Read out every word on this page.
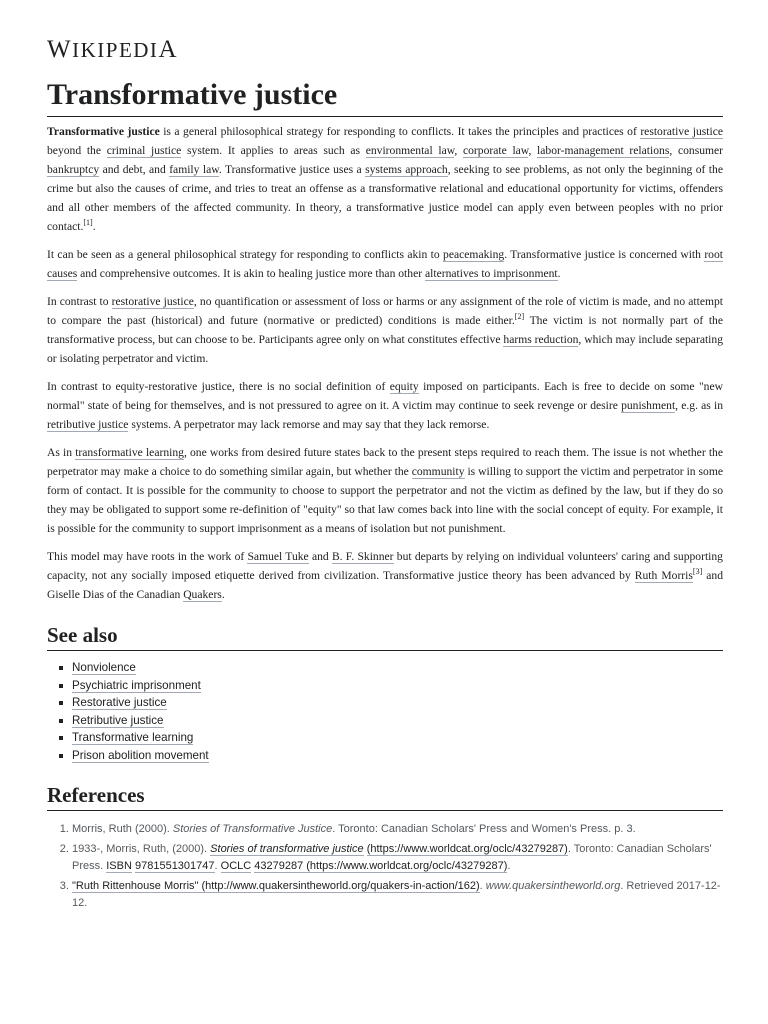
WIKIPEDIA
Transformative justice

Transformative justice is a general philosophical strategy for responding to conflicts. It takes the principles and practices of restorative justice beyond the criminal justice system. It applies to areas such as environmental law, corporate law, labor-management relations, consumer bankruptcy and debt, and family law. Transformative justice uses a systems approach, seeking to see problems, as not only the beginning of the crime but also the causes of crime, and tries to treat an offense as a transformative relational and educational opportunity for victims, offenders and all other members of the affected community. In theory, a transformative justice model can apply even between peoples with no prior contact.[1].

It can be seen as a general philosophical strategy for responding to conflicts akin to peacemaking. Transformative justice is concerned with root causes and comprehensive outcomes. It is akin to healing justice more than other alternatives to imprisonment.

In contrast to restorative justice, no quantification or assessment of loss or harms or any assignment of the role of victim is made, and no attempt to compare the past (historical) and future (normative or predicted) conditions is made either.[2] The victim is not normally part of the transformative process, but can choose to be. Participants agree only on what constitutes effective harms reduction, which may include separating or isolating perpetrator and victim.

In contrast to equity-restorative justice, there is no social definition of equity imposed on participants. Each is free to decide on some "new normal" state of being for themselves, and is not pressured to agree on it. A victim may continue to seek revenge or desire punishment, e.g. as in retributive justice systems. A perpetrator may lack remorse and may say that they lack remorse.

As in transformative learning, one works from desired future states back to the present steps required to reach them. The issue is not whether the perpetrator may make a choice to do something similar again, but whether the community is willing to support the victim and perpetrator in some form of contact. It is possible for the community to choose to support the perpetrator and not the victim as defined by the law, but if they do so they may be obligated to support some re-definition of "equity" so that law comes back into line with the social concept of equity. For example, it is possible for the community to support imprisonment as a means of isolation but not punishment.

This model may have roots in the work of Samuel Tuke and B. F. Skinner but departs by relying on individual volunteers' caring and supporting capacity, not any socially imposed etiquette derived from civilization. Transformative justice theory has been advanced by Ruth Morris[3] and Giselle Dias of the Canadian Quakers.

See also
Nonviolence
Psychiatric imprisonment
Restorative justice
Retributive justice
Transformative learning
Prison abolition movement
References
1. Morris, Ruth (2000). Stories of Transformative Justice. Toronto: Canadian Scholars' Press and Women's Press. p. 3.
2. 1933-, Morris, Ruth, (2000). Stories of transformative justice (https://www.worldcat.org/oclc/43279287). Toronto: Canadian Scholars' Press. ISBN 9781551301747. OCLC 43279287 (https://www.worldcat.org/oclc/43279287).
3. "Ruth Rittenhouse Morris" (http://www.quakersintheworld.org/quakers-in-action/162). www.quakersintheworld.org. Retrieved 2017-12-12.
